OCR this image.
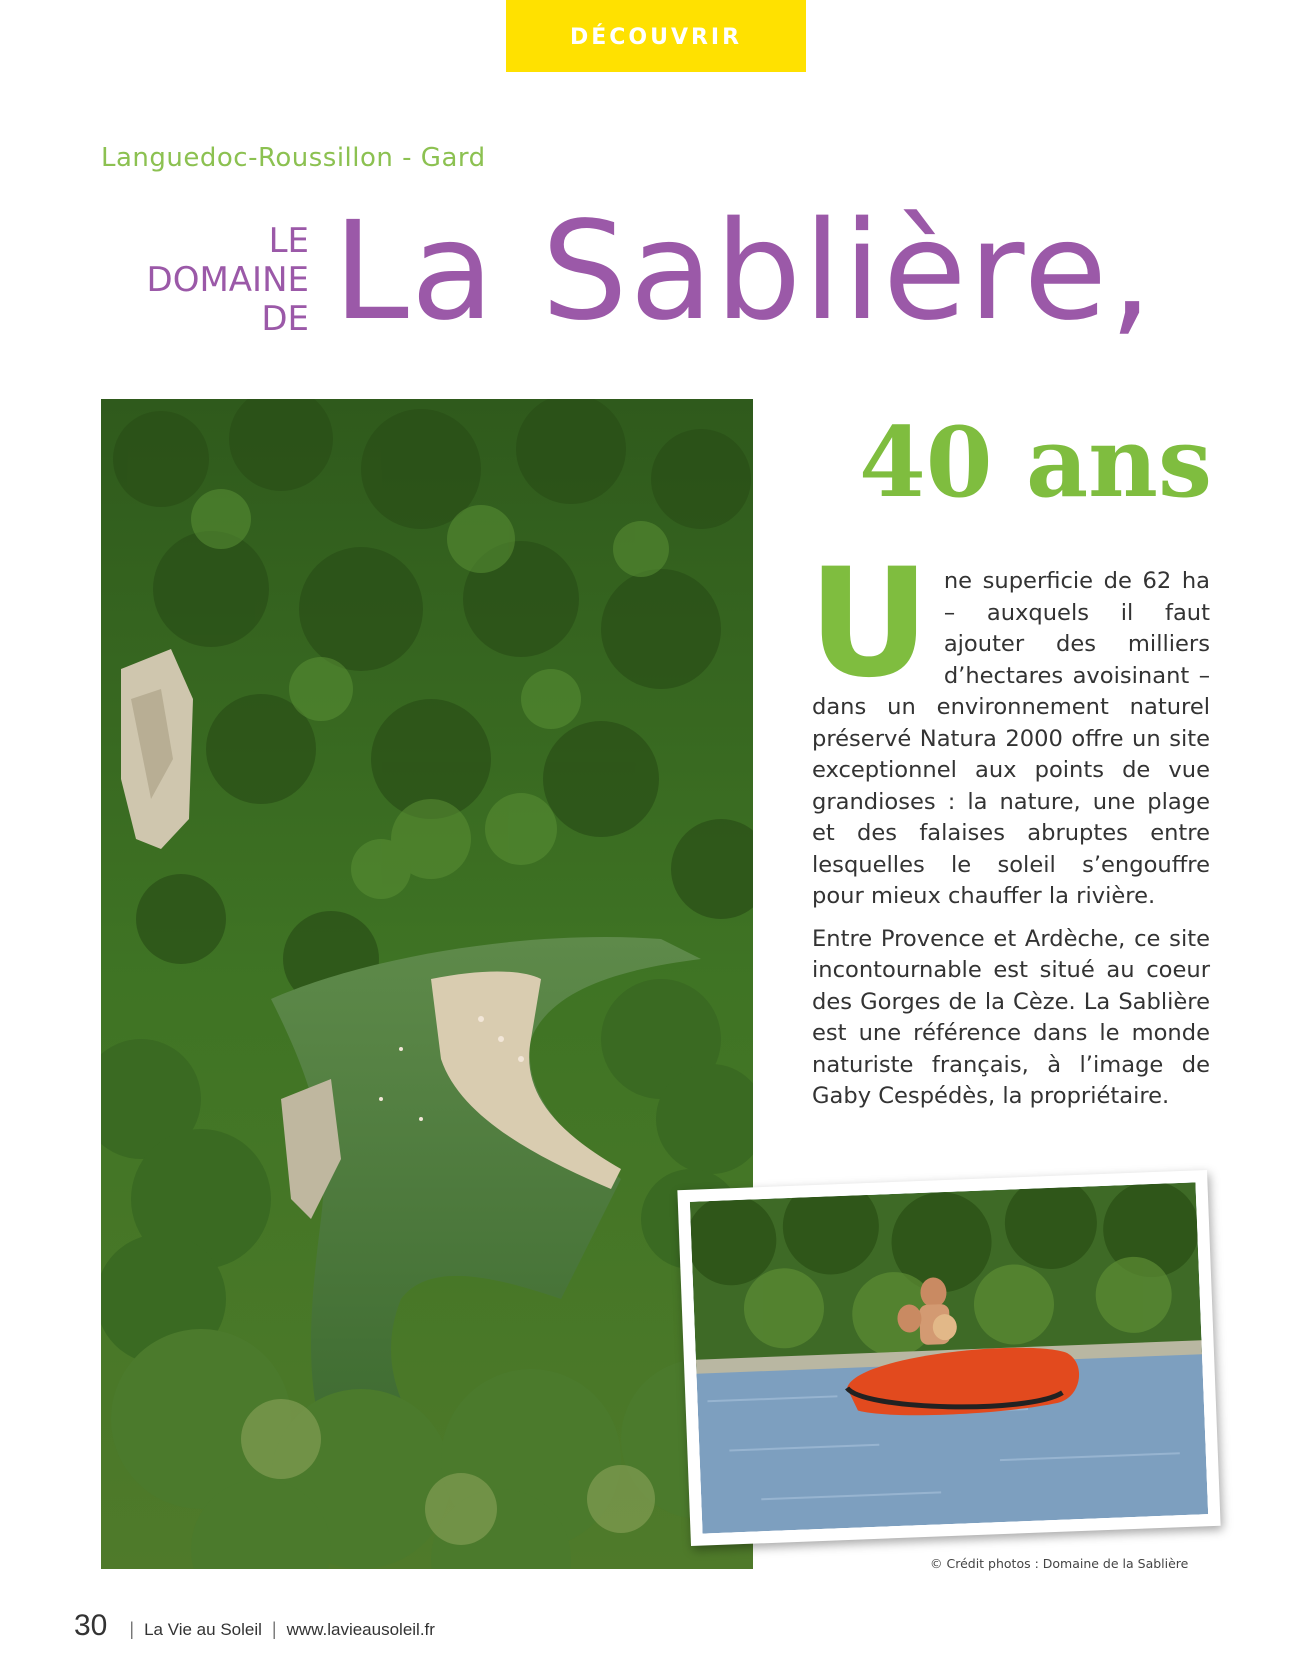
DÉCOUVRIR
Languedoc-Roussillon - Gard
LE
DOMAINE
DE La Sablière,
40 ans

Une superficie de 62 ha – auxquels il faut ajouter des milliers d’hectares avoisinant – dans un environnement naturel préservé Natura 2000 offre un site exceptionnel aux points de vue grandioses : la nature, une plage et des falaises abruptes entre lesquelles le soleil s’engouffre pour mieux chauffer la rivière.

Entre Provence et Ardèche, ce site incontournable est situé au coeur des Gorges de la Cèze. La Sablière est une référence dans le monde naturiste français, à l’image de Gaby Cespédès, la propriétaire.

© Crédit photos : Domaine de la Sablière
30 | La Vie au Soleil | www.lavieausoleil.fr
